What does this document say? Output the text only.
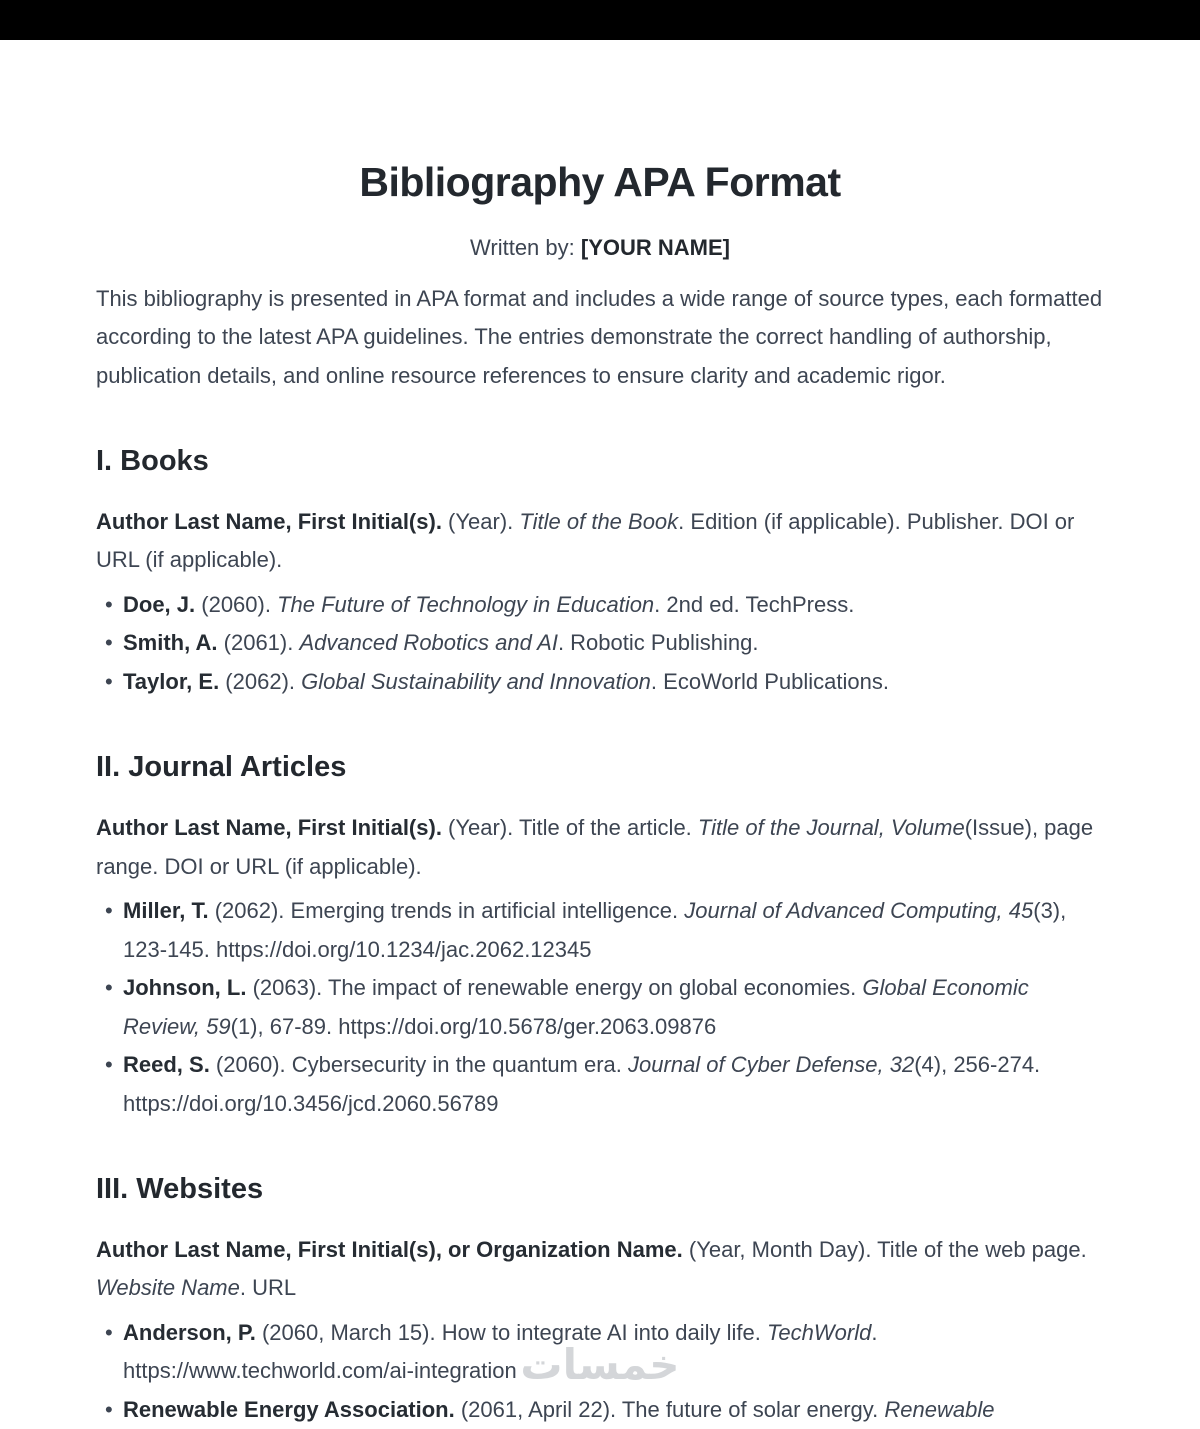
Bibliography APA Format

Written by: [YOUR NAME]

This bibliography is presented in APA format and includes a wide range of source types, each formatted according to the latest APA guidelines. The entries demonstrate the correct handling of authorship, publication details, and online resource references to ensure clarity and academic rigor.

I. Books

Author Last Name, First Initial(s). (Year). Title of the Book. Edition (if applicable). Publisher. DOI or URL (if applicable).

• Doe, J. (2060). The Future of Technology in Education. 2nd ed. TechPress.
• Smith, A. (2061). Advanced Robotics and AI. Robotic Publishing.
• Taylor, E. (2062). Global Sustainability and Innovation. EcoWorld Publications.
II. Journal Articles

Author Last Name, First Initial(s). (Year). Title of the article. Title of the Journal, Volume(Issue), page range. DOI or URL (if applicable).

• Miller, T. (2062). Emerging trends in artificial intelligence. Journal of Advanced Computing, 45(3), 123-145. https://doi.org/10.1234/jac.2062.12345
• Johnson, L. (2063). The impact of renewable energy on global economies. Global Economic Review, 59(1), 67-89. https://doi.org/10.5678/ger.2063.09876
• Reed, S. (2060). Cybersecurity in the quantum era. Journal of Cyber Defense, 32(4), 256-274. https://doi.org/10.3456/jcd.2060.56789
III. Websites

Author Last Name, First Initial(s), or Organization Name. (Year, Month Day). Title of the web page. Website Name. URL

• Anderson, P. (2060, March 15). How to integrate AI into daily life. TechWorld. https://www.techworld.com/ai-integration
• Renewable Energy Association. (2061, April 22). The future of solar energy. Renewable
خمسات
